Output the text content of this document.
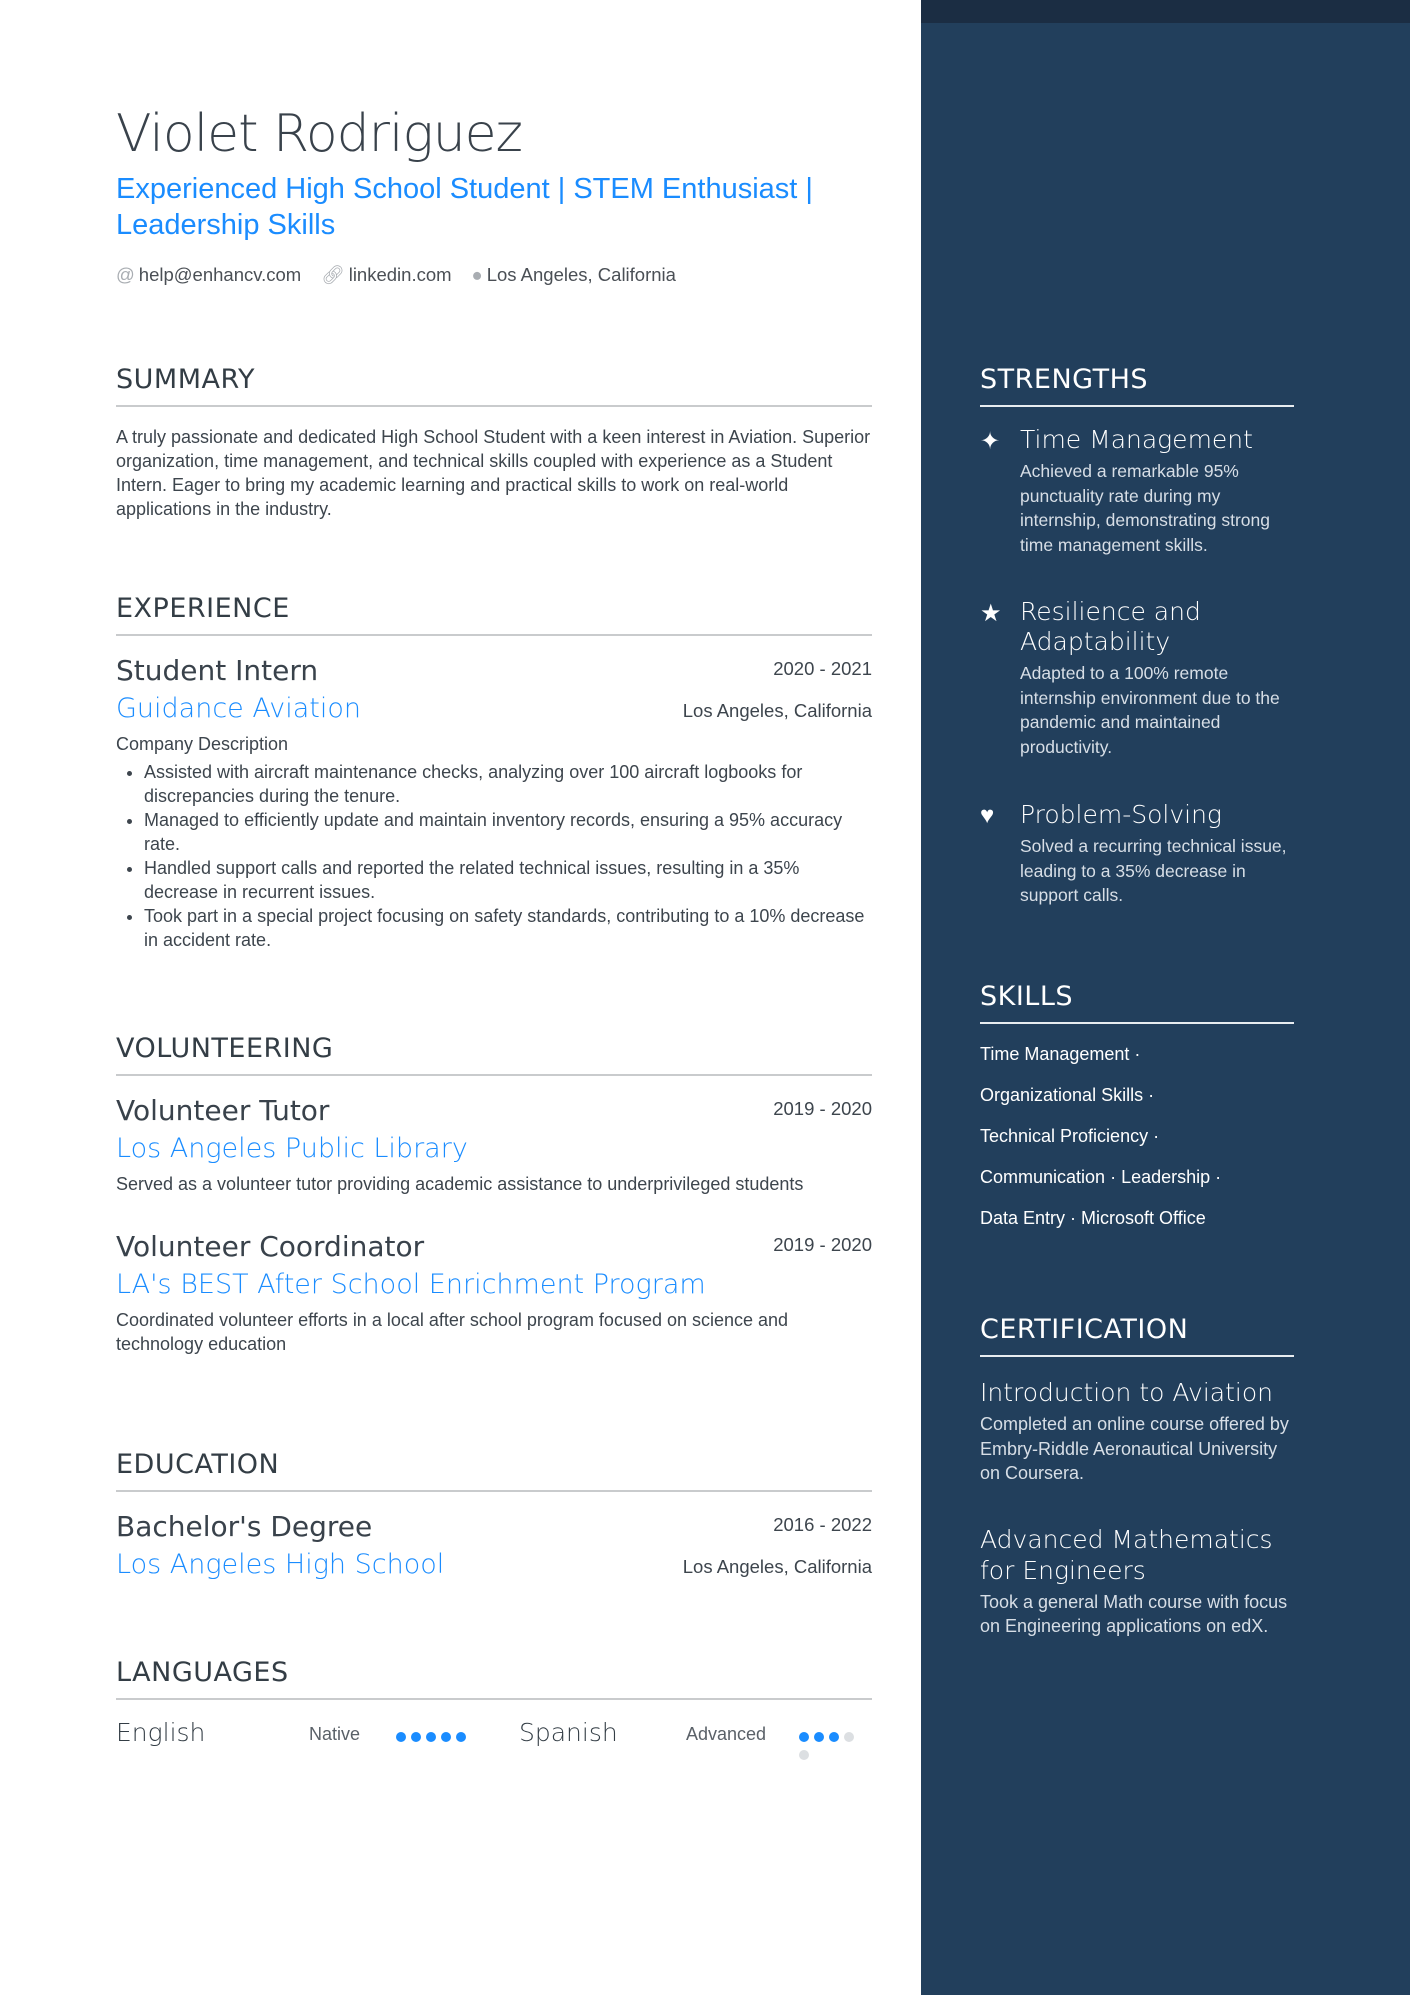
Violet Rodriguez
Experienced High School Student | STEM Enthusiast | Leadership Skills
@ help@enhancv.com 🔗︎ linkedin.com ● Los Angeles, California
SUMMARY
A truly passionate and dedicated High School Student with a keen interest in Aviation. Superior organization, time management, and technical skills coupled with experience as a Student Intern. Eager to bring my academic learning and practical skills to work on real-world applications in the industry.
EXPERIENCE
Student Intern	2020 - 2021
Guidance Aviation	Los Angeles, California
Company Description
• Assisted with aircraft maintenance checks, analyzing over 100 aircraft logbooks for discrepancies during the tenure.
• Managed to efficiently update and maintain inventory records, ensuring a 95% accuracy rate.
• Handled support calls and reported the related technical issues, resulting in a 35% decrease in recurrent issues.
• Took part in a special project focusing on safety standards, contributing to a 10% decrease in accident rate.
VOLUNTEERING
Volunteer Tutor	2019 - 2020
Los Angeles Public Library
Served as a volunteer tutor providing academic assistance to underprivileged students
Volunteer Coordinator	2019 - 2020
LA's BEST After School Enrichment Program
Coordinated volunteer efforts in a local after school program focused on science and technology education
EDUCATION
Bachelor's Degree	2016 - 2022
Los Angeles High School	Los Angeles, California
LANGUAGES
English	Native	Spanish	Advanced
STRENGTHS
✦ Time Management
Achieved a remarkable 95% punctuality rate during my internship, demonstrating strong time management skills.
★ Resilience and Adaptability
Adapted to a 100% remote internship environment due to the pandemic and maintained productivity.
♥	Problem-Solving
Solved a recurring technical issue, leading to a 35% decrease in support calls.
SKILLS
Time Management ·
Organizational Skills ·
Technical Proficiency ·
Communication · Leadership ·
Data Entry · Microsoft Office
CERTIFICATION
Introduction to Aviation
Completed an online course offered by Embry-Riddle Aeronautical University on Coursera.
Advanced Mathematics for Engineers
Took a general Math course with focus on Engineering applications on edX.
